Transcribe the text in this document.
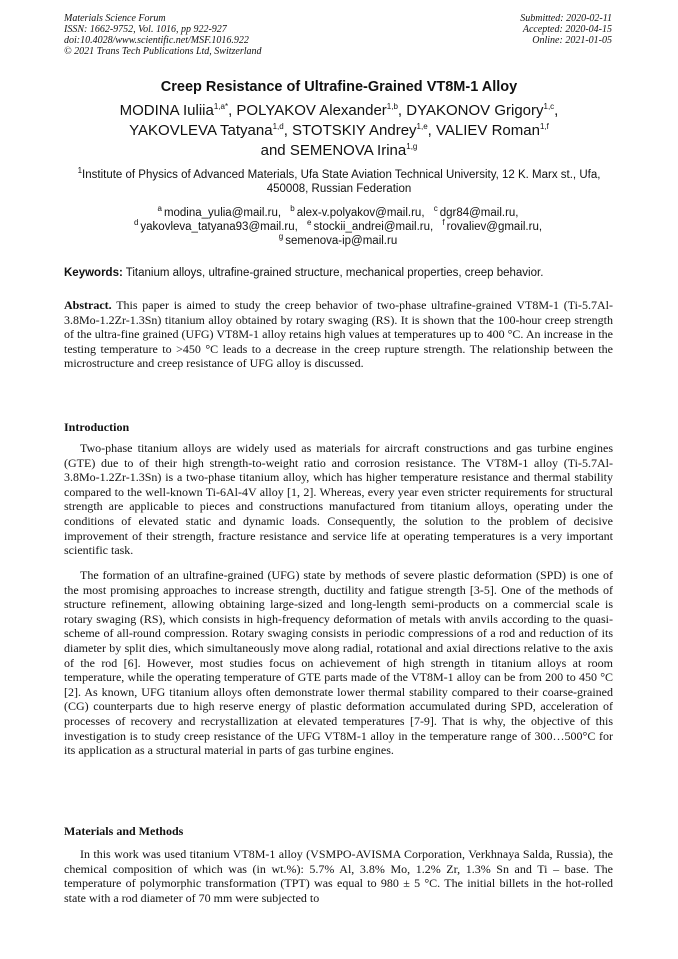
Materials Science Forum
ISSN: 1662-9752, Vol. 1016, pp 922-927
doi:10.4028/www.scientific.net/MSF.1016.922
© 2021 Trans Tech Publications Ltd, Switzerland
Submitted: 2020-02-11
Accepted: 2020-04-15
Online: 2021-01-05
Creep Resistance of Ultrafine-Grained VT8M-1 Alloy
MODINA Iuliia$^{1,a*}$, POLYAKOV Alexander$^{1,b}$, DYAKONOV Grigory$^{1,c}$,
YAKOVLEVA Tatyana$^{1,d}$, STOTSKIY Andrey$^{1,e}$, VALIEV Roman$^{1,f}$
and SEMENOVA Irina$^{1,g}$
$^1$Institute of Physics of Advanced Materials, Ufa State Aviation Technical University, 12 K. Marx st., Ufa, 450008, Russian Federation
$^a$ modina_yulia@mail.ru, $^b$ alex-v.polyakov@mail.ru, $^c$ dgr84@mail.ru,
$^d$ yakovleva_tatyana93@mail.ru, $^e$ stockii_andrei@mail.ru, $^f$ rovaliev@gmail.ru,
$^g$ semenova-ip@mail.ru
Keywords: Titanium alloys, ultrafine-grained structure, mechanical properties, creep behavior.
Abstract. This paper is aimed to study the creep behavior of two-phase ultrafine-grained VT8M-1 (Ti-5.7Al- 3.8Mo-1.2Zr-1.3Sn) titanium alloy obtained by rotary swaging (RS). It is shown that the 100-hour creep strength of the ultra-fine grained (UFG) VT8M-1 alloy retains high values at temperatures up to 400 °C. An increase in the testing temperature to >450 °C leads to a decrease in the creep rupture strength. The relationship between the microstructure and creep resistance of UFG alloy is discussed.
Introduction

Two-phase titanium alloys are widely used as materials for aircraft constructions and gas turbine engines (GTE) due to of their high strength-to-weight ratio and corrosion resistance. The VT8M-1 alloy (Ti-5.7Al- 3.8Mo-1.2Zr-1.3Sn) is a two-phase titanium alloy, which has higher temperature resistance and thermal stability compared to the well-known Ti-6Al-4V alloy [1, 2]. Whereas, every year even stricter requirements for structural strength are applicable to pieces and constructions manufactured from titanium alloys, operating under the conditions of elevated static and dynamic loads. Consequently, the solution to the problem of decisive improvement of their strength, fracture resistance and service life at operating temperatures is a very important scientific task.

The formation of an ultrafine-grained (UFG) state by methods of severe plastic deformation (SPD) is one of the most promising approaches to increase strength, ductility and fatigue strength [3-5]. One of the methods of structure refinement, allowing obtaining large-sized and long-length semi-products on a commercial scale is rotary swaging (RS), which consists in high-frequency deformation of metals with anvils according to the quasi-scheme of all-round compression. Rotary swaging consists in periodic compressions of a rod and reduction of its diameter by split dies, which simultaneously move along radial, rotational and axial directions relative to the axis of the rod [6]. However, most studies focus on achievement of high strength in titanium alloys at room temperature, while the operating temperature of GTE parts made of the VT8M-1 alloy can be from 200 to 450 °C [2]. As known, UFG titanium alloys often demonstrate lower thermal stability compared to their coarse-grained (CG) counterparts due to high reserve energy of plastic deformation accumulated during SPD, acceleration of processes of recovery and recrystallization at elevated temperatures [7-9]. That is why, the objective of this investigation is to study creep resistance of the UFG VT8M-1 alloy in the temperature range of 300…500°C for its application as a structural material in parts of gas turbine engines.

Materials and Methods

In this work was used titanium VT8M-1 alloy (VSMPO-AVISMA Corporation, Verkhnaya Salda, Russia), the chemical composition of which was (in wt.%): 5.7% Al, 3.8% Mo, 1.2% Zr, 1.3% Sn and Ti – base. The temperature of polymorphic transformation (TPT) was equal to 980 ± 5 °C. The initial billets in the hot-rolled state with a rod diameter of 70 mm were subjected to
